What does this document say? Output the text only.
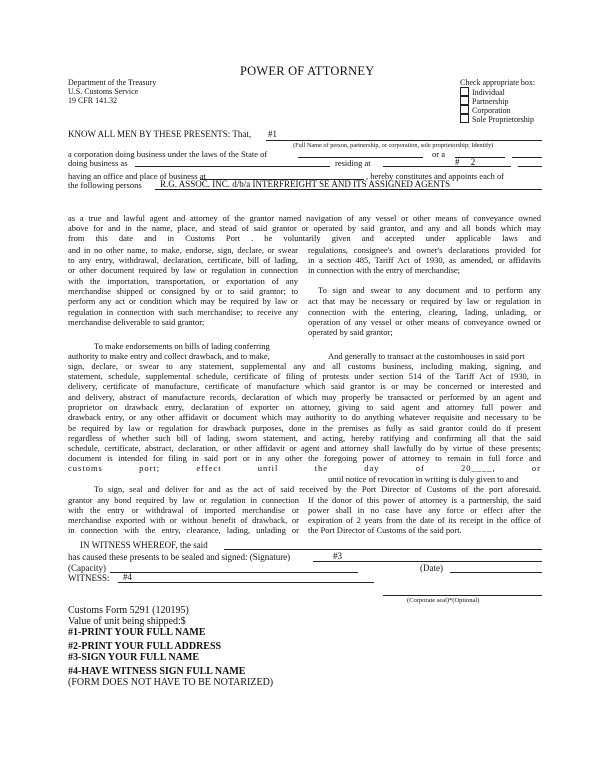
POWER OF ATTORNEY
Department of the Treasury
U.S. Customs Service
19 CFR 141.32
Check appropriate box:
Individual
Partnership
Corporation
Sole Proprietorship
KNOW ALL MEN BY THESE PRESENTS: That, #1
(Full Name of person, partnership, or corporation, sole proprietorship; Identify)
a corporation doing business under the laws of the State of	or a
doing business as	residing at	#     2
having an office and place of business at	, hereby constitutes and appoints each of
the following persons R.G. ASSOC. INC. d/b/a INTERFREIGHT SE AND ITS ASSIGNED AGENTS
as a true and lawful agent and attorney of the grantor named navigation of any vessel or other means of conveyance owned
above for and in the name, place, and stead of said grantor or operated by said grantor, and any and all bonds which may
from this date and in Customs Port . be voluntarily given and accepted under applicable laws and
and in no other name, to make, endorse, sign, declare, or swear
to any entry, withdrawal, declaration, certificate, bill of lading,
or other document required by law or regulation in connection
with the importation, transportation, or exportation of any
merchandise shipped or consigned by or to said grantor; to
perform any act or condition which may be required by law or
regulation in connection with such merchandise; to receive any
merchandise deliverable to said grantor;
regulations, consignee's and owner's declarations provided for
in a section 485, Tariff Act of 1930, as amended, or affidavits
in connection with the entry of merchandise;
To sign and swear to any document and to perform any
act that may be necessary or required by law or regulation in
connection with the entering, clearing, lading, unlading, or
operation of any vessel or other means of conveyance owned or
operated by said grantor;
To make endorsements on bills of lading conferring
authority to make entry and collect drawback, and to make,	And generally to transact at the customhouses in said port
sign, declare, or swear to any statement, supplemental any and all customs business, including making, signing, and
statement, schedule, supplemental schedule, certificate of filing of protests under section 514 of the Tariff Act of 1930, in
delivery, certificate of manufacture, certificate of manufacture which said grantor is or may be concerned or interested and
and delivery, abstract of manufacture records, declaration of which may properly be transacted or performed by an agent and
proprietor on drawback entry, declaration of exporter on attorney, giving to said agent and attorney full power and
drawback entry, or any other affidavit or document which may authority to do anything whatever requisite and necessary to be
be required by law or regulation for drawback purposes, done in the premises as fully as said grantor could do if present
regardless of whether such bill of lading, sworn statement, and acting, hereby ratifying and confirming all that the said
schedule, certificate, abstract, declaration, or other affidavit or agent and attorney shall lawfully do by virtue of these presents;
document is intended for filing in said port or in any other the foregoing power of attorney to remain in full force and
customs port; effect until the day of 20____, or
until notice of revocation in writing is duly given to and
To sign, seal and deliver for and as the act of said received by the Port Director of Customs of the port aforesaid.
grantor any bond required by law or regulation in connection
with the entry or withdrawal of imported merchandise or
merchandise exported with or without benefit of drawback, or
in connection with the entry, clearance, lading, unlading or
If the donor of this power of attorney is a partnership, the said
power shall in no case have any force or effect after the
expiration of 2 years from the date of its receipt in the office of
the Port Director of Customs of the said port.
IN WITNESS WHEREOF, the said
has caused these presents to be sealed and signed: (Signature)	#3
(Capacity)	(Date)
WITNESS: #4
(Corporate seal)*(Optional)
Customs Form 5291 (120195)
Value of unit being shipped:$
#1-PRINT YOUR FULL NAME
#2-PRINT YOUR FULL ADDRESS
#3-SIGN YOUR FULL NAME
#4-HAVE WITNESS SIGN FULL NAME
(FORM DOES NOT HAVE TO BE NOTARIZED)
